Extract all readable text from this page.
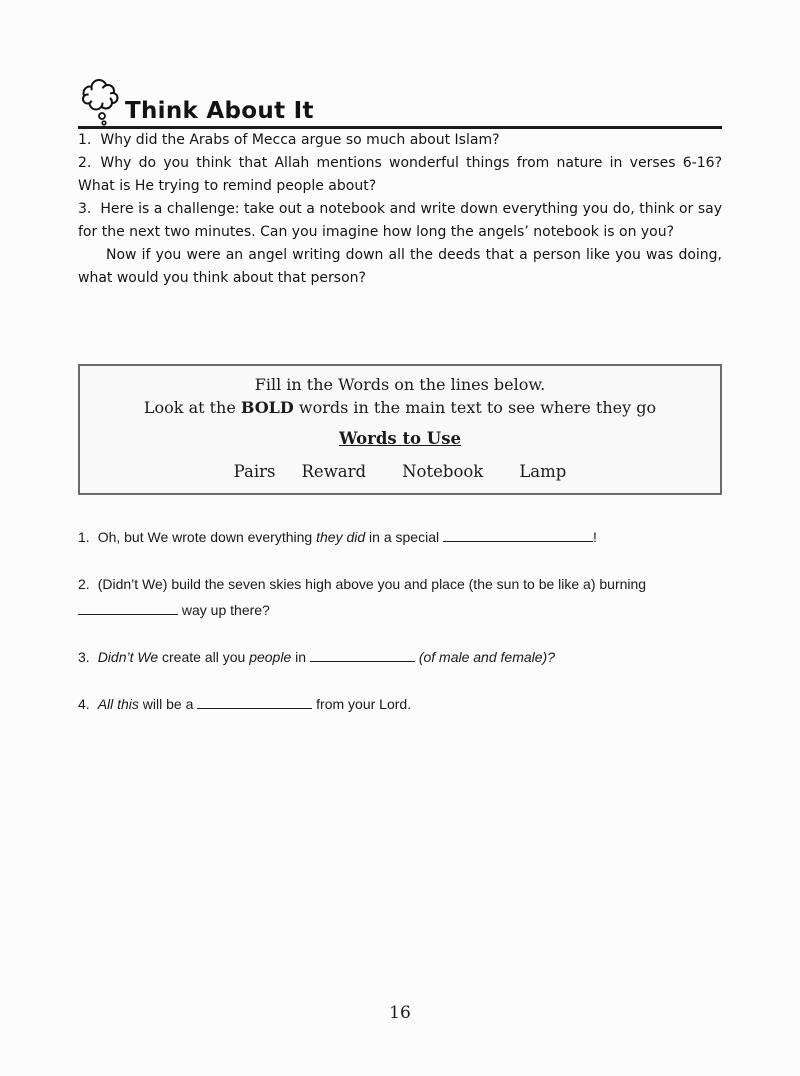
Think About It

1. Why did the Arabs of Mecca argue so much about Islam?

2. Why do you think that Allah mentions wonderful things from nature in verses 6-16? What is He trying to remind people about?

3. Here is a challenge: take out a notebook and write down everything you do, think or say for the next two minutes. Can you imagine how long the angels’ notebook is on you?

Now if you were an angel writing down all the deeds that a person like you was doing, what would you think about that person?

Fill in the Words on the lines below.
Look at the BOLD words in the main text to see where they go
Words to Use
Pairs Reward Notebook Lamp

1. Oh, but We wrote down everything they did in a special	!

2. (Didn’t We) build the seven skies high above you and place (the sun to be like a) burning  way up there?

3. Didn’t We create all you people in	(of male and female)?

4. All this will be a	from your Lord.

16
